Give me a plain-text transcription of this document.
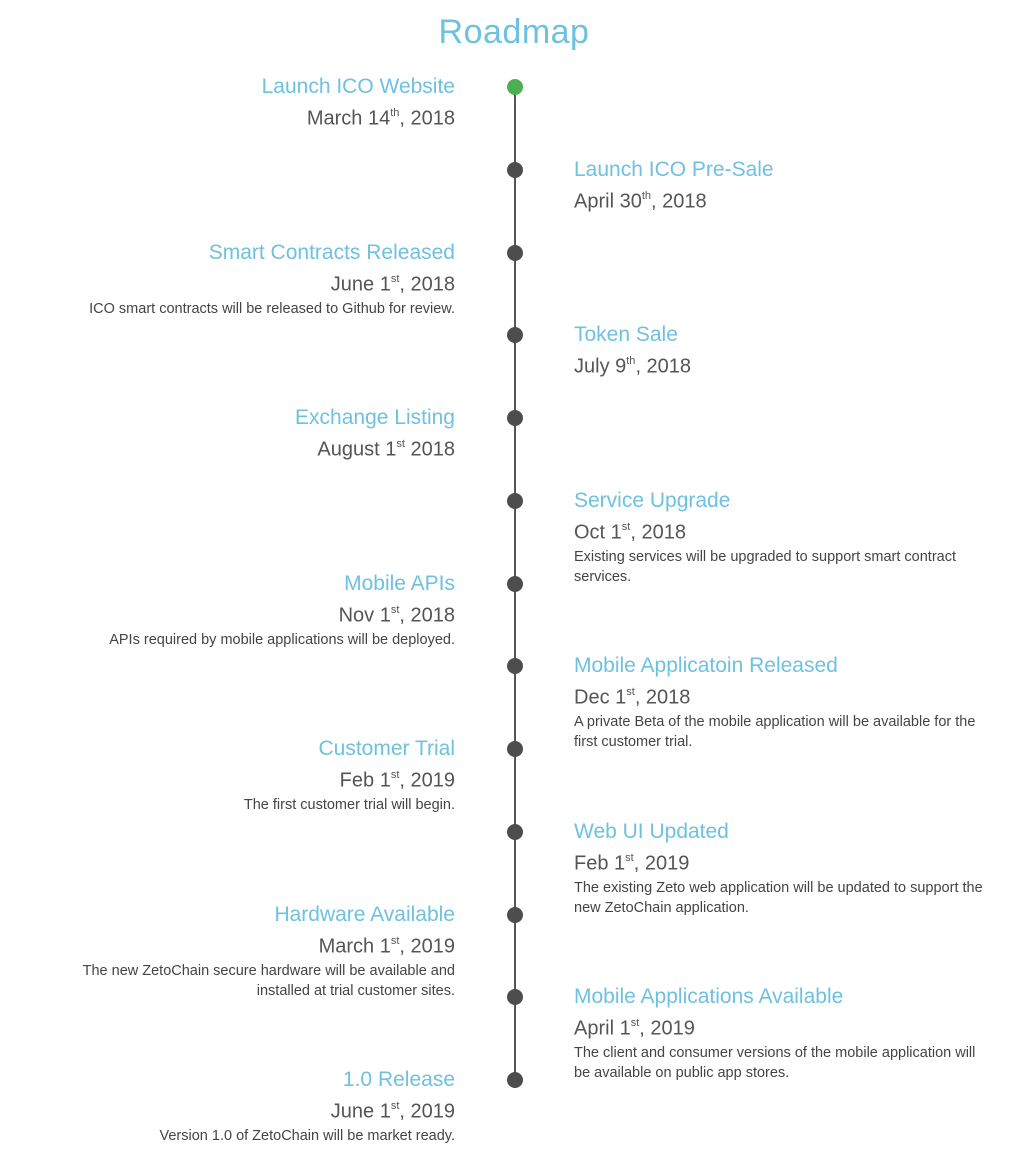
Roadmap
Launch ICO Website
March 14th, 2018
Launch ICO Pre-Sale
April 30th, 2018
Smart Contracts Released
June 1st, 2018
ICO smart contracts will be released to Github for review.
Token Sale
July 9th, 2018
Exchange Listing
August 1st 2018
Service Upgrade
Oct 1st, 2018
Existing services will be upgraded to support smart contract services.
Mobile APIs
Nov 1st, 2018
APIs required by mobile applications will be deployed.
Mobile Applicatoin Released
Dec 1st, 2018
A private Beta of the mobile application will be available for the first customer trial.
Customer Trial
Feb 1st, 2019
The first customer trial will begin.
Web UI Updated
Feb 1st, 2019
The existing Zeto web application will be updated to support the new ZetoChain application.
Hardware Available
March 1st, 2019
The new ZetoChain secure hardware will be available and installed at trial customer sites.	Mobile Applications Available
April 1st, 2019
The client and consumer versions of the mobile application will be available on public app stores.
1.0 Release
June 1st, 2019
Version 1.0 of ZetoChain will be market ready.
